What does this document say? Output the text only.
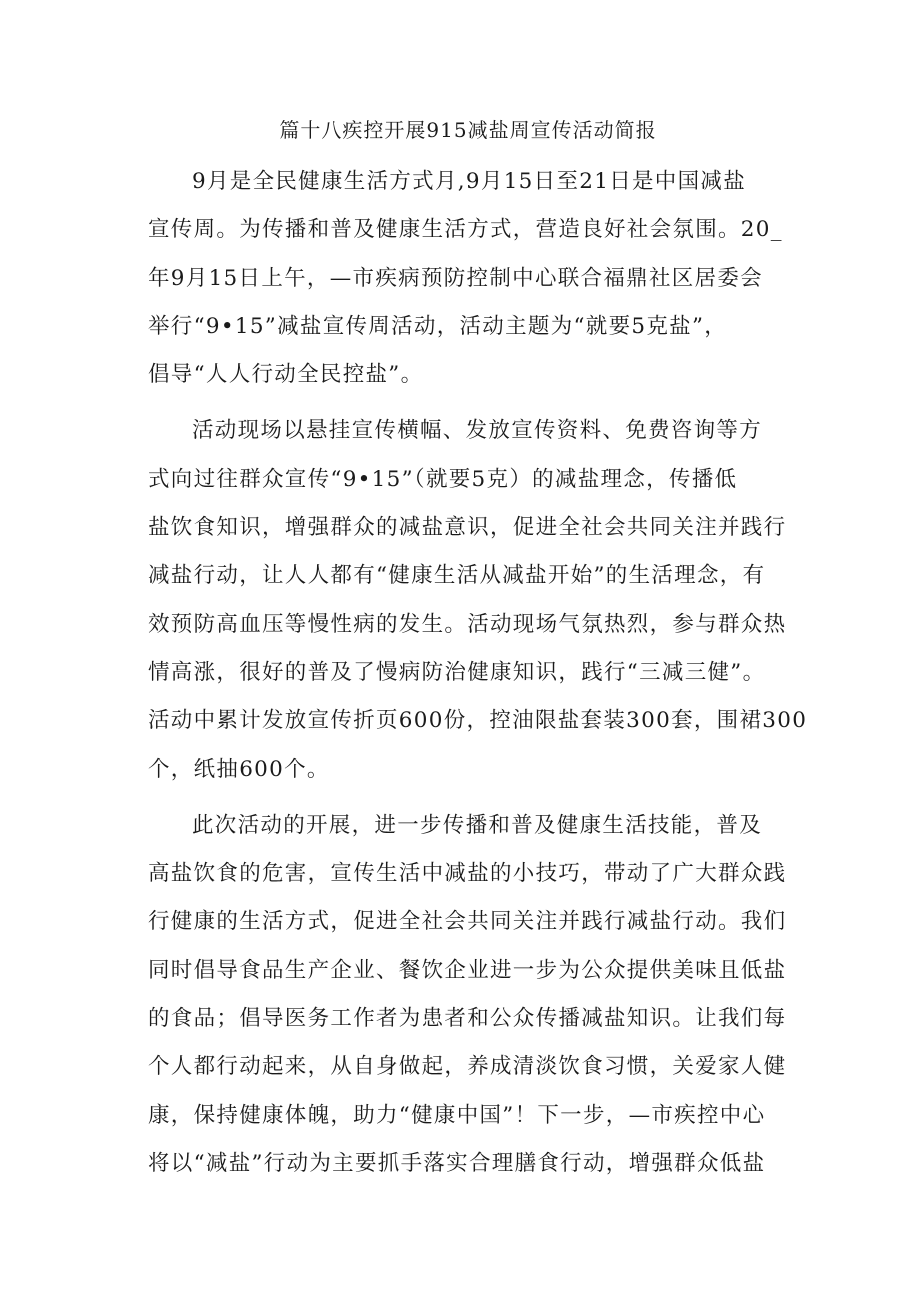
篇十八疾控开展915减盐周宣传活动简报
9月是全民健康生活方式月,9月15日至21日是中国减盐
宣传周。为传播和普及健康生活方式，营造良好社会氛围。20_
年9月15日上午，—市疾病预防控制中心联合福鼎社区居委会
举行“9•15”减盐宣传周活动，活动主题为“就要5克盐”，
倡导“人人行动全民控盐”。
活动现场以悬挂宣传横幅、发放宣传资料、免费咨询等方
式向过往群众宣传“9•15”（就要5克）的减盐理念，传播低
盐饮食知识，增强群众的减盐意识，促进全社会共同关注并践行
减盐行动，让人人都有“健康生活从减盐开始”的生活理念，有
效预防高血压等慢性病的发生。活动现场气氛热烈，参与群众热
情高涨，很好的普及了慢病防治健康知识，践行“三减三健”。
活动中累计发放宣传折页600份，控油限盐套装300套，围裙300
个，纸抽600个。
此次活动的开展，进一步传播和普及健康生活技能，普及
高盐饮食的危害，宣传生活中减盐的小技巧，带动了广大群众践
行健康的生活方式，促进全社会共同关注并践行减盐行动。我们
同时倡导食品生产企业、餐饮企业进一步为公众提供美味且低盐
的食品；倡导医务工作者为患者和公众传播减盐知识。让我们每
个人都行动起来，从自身做起，养成清淡饮食习惯，关爱家人健
康，保持健康体魄，助力“健康中国”！下一步，—市疾控中心
将以“减盐”行动为主要抓手落实合理膳食行动，增强群众低盐
